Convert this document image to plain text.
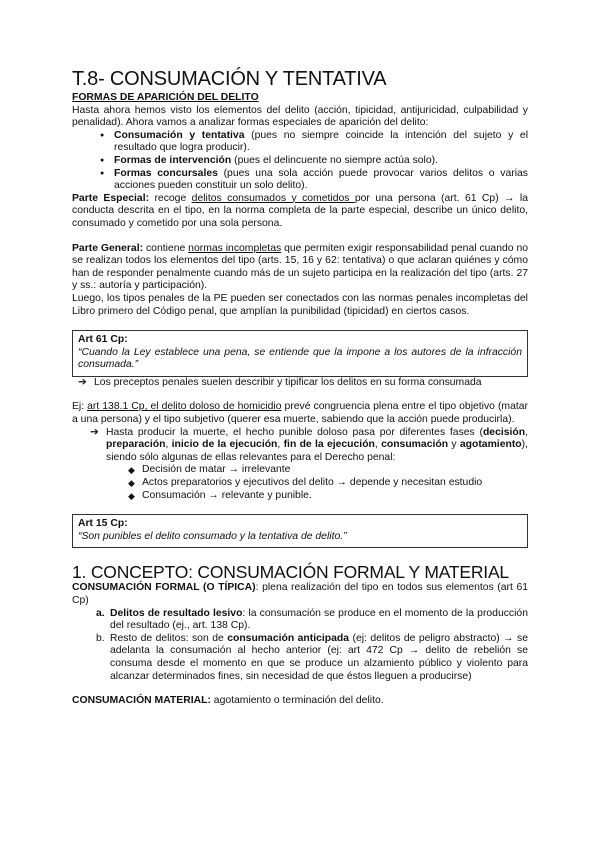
T.8- CONSUMACIÓN Y TENTATIVA

FORMAS DE APARICIÓN DEL DELITO

Hasta ahora hemos visto los elementos del delito (acción, tipicidad, antijuricidad, culpabilidad y penalidad). Ahora vamos a analizar formas especiales de aparición del delito:

● Consumación y tentativa (pues no siempre coincide la intención del sujeto y el resultado que logra producir).
● Formas de intervención (pues el delincuente no siempre actúa solo).
● Formas concursales (pues una sola acción puede provocar varios delitos o varias acciones pueden constituir un solo delito).

Parte Especial: recoge delitos consumados y cometidos por una persona (art. 61 Cp) → la conducta descrita en el tipo, en la norma completa de la parte especial, describe un único delito, consumado y cometido por una sola persona.

Parte General: contiene normas incompletas que permiten exigir responsabilidad penal cuando no se realizan todos los elementos del tipo (arts. 15, 16 y 62: tentativa) o que aclaran quiénes y cómo han de responder penalmente cuando más de un sujeto participa en la realización del tipo (arts. 27 y ss.: autoría y participación).

Luego, los tipos penales de la PE pueden ser conectados con las normas penales incompletas del Libro primero del Código penal, que amplían la punibilidad (tipicidad) en ciertos casos.

Art 61 Cp:
“Cuando la Ley establece una pena, se entiende que la impone a los autores de la infracción consumada.”

➔ Los preceptos penales suelen describir y tipificar los delitos en su forma consumada

Ej: art 138.1 Cp, el delito doloso de homicidio prevé congruencia plena entre el tipo objetivo (matar a una persona) y el tipo subjetivo (querer esa muerte, sabiendo que la acción puede producirla).

➔ Hasta producir la muerte, el hecho punible doloso pasa por diferentes fases (decisión, preparación, inicio de la ejecución, fin de la ejecución, consumación y agotamiento), siendo sólo algunas de ellas relevantes para el Derecho penal:

◆ Decisión de matar → irrelevante
◆ Actos preparatorios y ejecutivos del delito → depende y necesitan estudio
◆ Consumación → relevante y punible.
Art 15 Cp:
“Son punibles el delito consumado y la tentativa de delito.”
1. CONCEPTO: CONSUMACIÓN FORMAL Y MATERIAL

CONSUMACIÓN FORMAL (O TÍPICA): plena realización del tipo en todos sus elementos (art 61 Cp)

a. Delitos de resultado lesivo: la consumación se produce en el momento de la producción del resultado (ej., art. 138 Cp).
b. Resto de delitos: son de consumación anticipada (ej: delitos de peligro abstracto) → se adelanta la consumación al hecho anterior (ej: art 472 Cp → delito de rebelión se consuma desde el momento en que se produce un alzamiento público y violento para alcanzar determinados fines, sin necesidad de que éstos lleguen a producirse)

CONSUMACIÓN MATERIAL: agotamiento o terminación del delito.
